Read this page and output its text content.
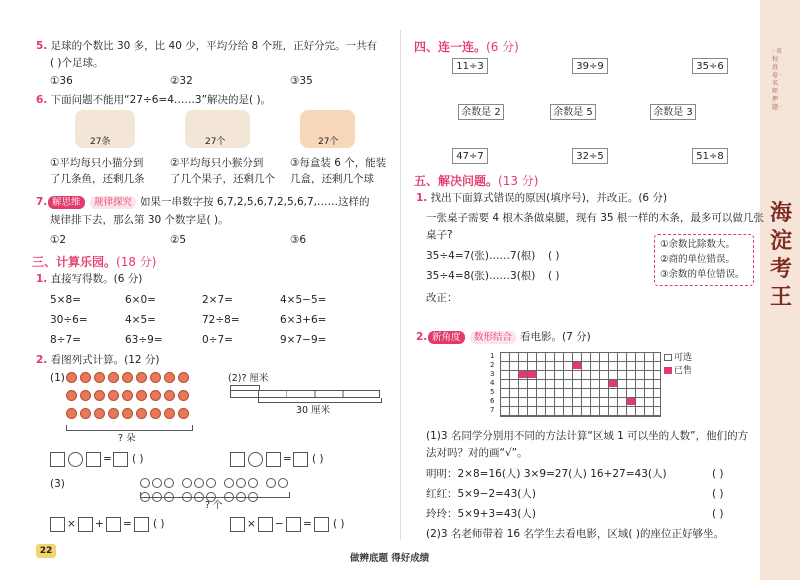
海淀考王
· 名校真卷 · 名师押题 ·
5. 足球的个数比 30 多，比 40 少，平均分给 8 个班，正好分完。一共有
( )个足球。
①36	②32	③35
6. 下面问题不能用“27÷6=4……3”解决的是( )。
27条	27个	27个
①平均每只小猫分到
了几条鱼，还剩几条
②平均每只小猴分到
了几个果子，还剩几个
③每盒装 6 个，能装
几盒，还剩几个球
7. 解思维	规律探究 如果一串数字按 6,7,2,5,6,7,2,5,6,7,……这样的
规律排下去，那么第 30 个数字是( )。
①2	②5	③6
三、计算乐园。(18 分)
1. 直接写得数。(6 分)
5×8=	6×0=	2×7=	4×5−5=
30÷6=	4×5=	72÷8=	6×3+6=
8÷7=	63÷9=	0÷7=	9×7−9=
2. 看图列式计算。(12 分)
(1)
? 朵
(2)? 厘米
30 厘米
= ( )	= ( )
(3)
? 个
× + = ( )	× − = ( )
22
四、连一连。(6 分)
11÷3	39÷9	35÷6
余数是 2	余数是 5	余数是 3
47÷7	32÷5	51÷8
五、解决问题。(13 分)
1. 找出下面算式错误的原因(填序号)，并改正。(6 分)
一张桌子需要 4 根木条做桌腿，现有 35 根一样的木条，最多可以做几张
桌子?
35÷4=7(张)……7(根) ( )
35÷4=8(张)……3(根) ( )
改正：
①余数比除数大。
②商的单位错误。
③余数的单位错误。
2. 新角度	数形结合 看电影。(7 分)
1
2
3
4
5
6
7
可选
已售
(1)3 名同学分别用不同的方法计算“区域 1 可以坐的人数”，他们的方
法对吗？对的画“√”。
明明：2×8=16(人) 3×9=27(人) 16+27=43(人)	( )
红红：5×9−2=43(人)	( )
玲玲：5×9+3=43(人)	( )
(2)3 名老师带着 16 名学生去看电影，区域( )的座位正好够坐。
做辨底题 得好成绩
